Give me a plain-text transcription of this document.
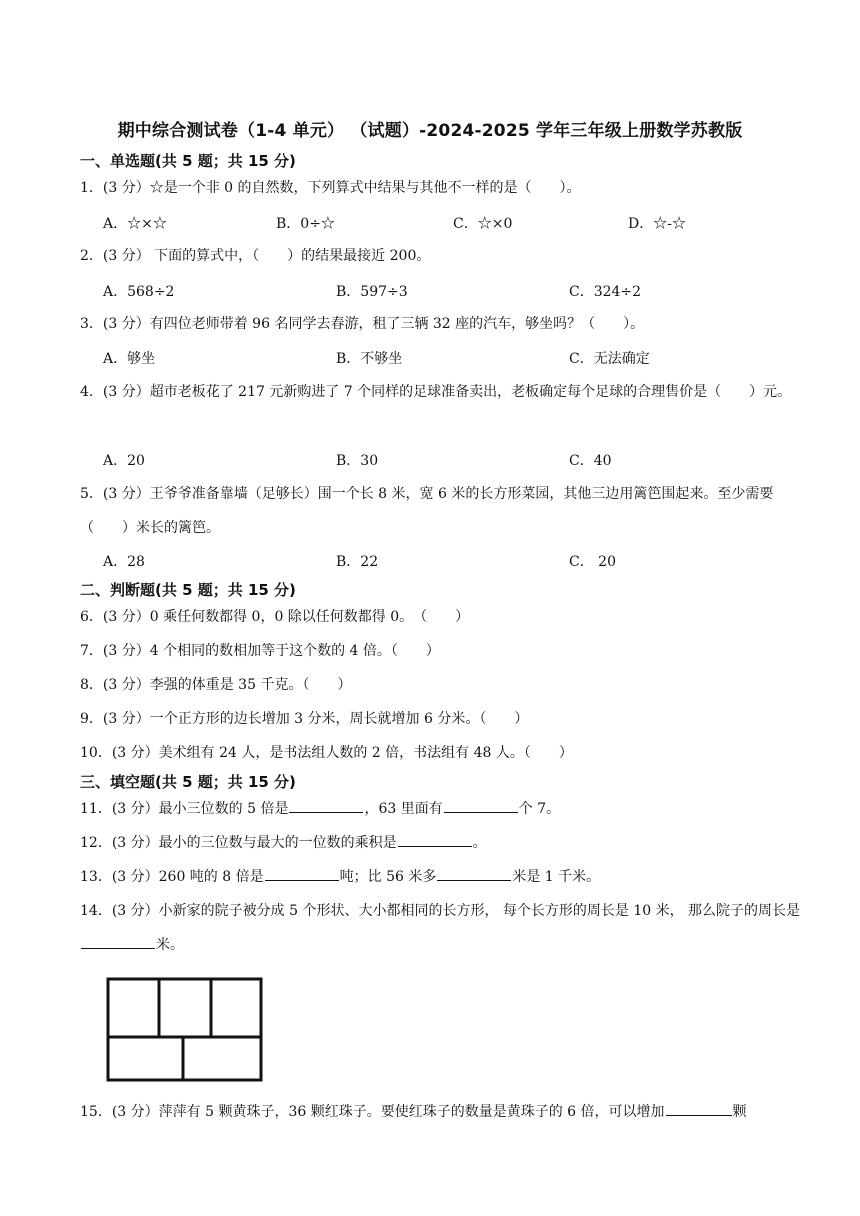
期中综合测试卷（1-4 单元） （试题）-2024-2025 学年三年级上册数学苏教版
一、单选题(共 5 题；共 15 分)
1．(3 分）☆是一个非 0 的自然数，下列算式中结果与其他不一样的是（　　）。
A．☆×☆	B．0÷☆	C．☆×0	D．☆-☆
2．(3 分） 下面的算式中，（　　）的结果最接近 200。
A．568÷2	B．597÷3	C．324÷2
3．(3 分）有四位老师带着 96 名同学去春游，租了三辆 32 座的汽车，够坐吗？（　　）。
A．够坐	B．不够坐	C．无法确定
4．(3 分）超市老板花了 217 元新购进了 7 个同样的足球准备卖出，老板确定每个足球的合理售价是（　　）元。
A．20	B．30	C．40
5．(3 分）王爷爷准备靠墙（足够长）围一个长 8 米，宽 6 米的长方形菜园，其他三边用篱笆围起来。至少需要（　　）米长的篱笆。
A．28	B．22	C． 20
二、判断题(共 5 题；共 15 分)
6．(3 分）0 乘任何数都得 0，0 除以任何数都得 0。　（　　）
7．(3 分）4 个相同的数相加等于这个数的 4 倍。（　　）
8．(3 分）李强的体重是 35 千克。（　　）
9．(3 分）一个正方形的边长增加 3 分米，周长就增加 6 分米。（　　）
10．(3 分）美术组有 24 人，是书法组人数的 2 倍，书法组有 48 人。（　　）
三、填空题(共 5 题；共 15 分)
11．(3 分）最小三位数的 5 倍是	，63 里面有	个 7。
12．(3 分）最小的三位数与最大的一位数的乘积是	。
13．(3 分）260 吨的 8 倍是	吨；比 56 米多	米是 1 千米。
14．(3 分）小新家的院子被分成 5 个形状、大小都相同的长方形， 每个长方形的周长是 10 米， 那么院子的周长是米。
15．(3 分）萍萍有 5 颗黄珠子，36 颗红珠子。要使红珠子的数量是黄珠子的 6 倍，可以增加	颗
